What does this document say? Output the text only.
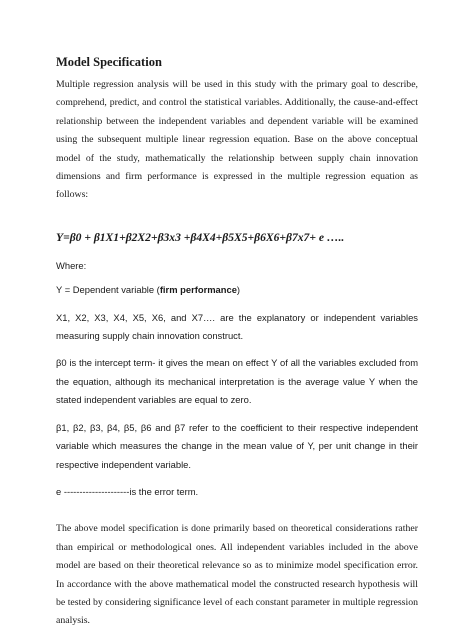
Model Specification

Multiple regression analysis will be used in this study with the primary goal to describe, comprehend, predict, and control the statistical variables. Additionally, the cause-and-effect relationship between the independent variables and dependent variable will be examined using the subsequent multiple linear regression equation. Base on the above conceptual model of the study, mathematically the relationship between supply chain innovation dimensions and firm performance is expressed in the multiple regression equation as follows:

Y=β0 + β1X1+β2X2+β3x3 +β4X4+β5X5+β6X6+β7x7+ e …..

Where:

Y = Dependent variable (firm performance)

X1, X2, X3, X4, X5, X6, and X7…. are the explanatory or independent variables measuring supply chain innovation construct.

β0 is the intercept term- it gives the mean on effect Y of all the variables excluded from the equation, although its mechanical interpretation is the average value Y when the stated independent variables are equal to zero.

β1, β2, β3, β4, β5, β6 and β7 refer to the coefficient to their respective independent variable which measures the change in the mean value of Y, per unit change in their respective independent variable.

e ---------------------is the error term.

The above model specification is done primarily based on theoretical considerations rather than empirical or methodological ones. All independent variables included in the above model are based on their theoretical relevance so as to minimize model specification error. In accordance with the above mathematical model the constructed research hypothesis will be tested by considering significance level of each constant parameter in multiple regression analysis.
